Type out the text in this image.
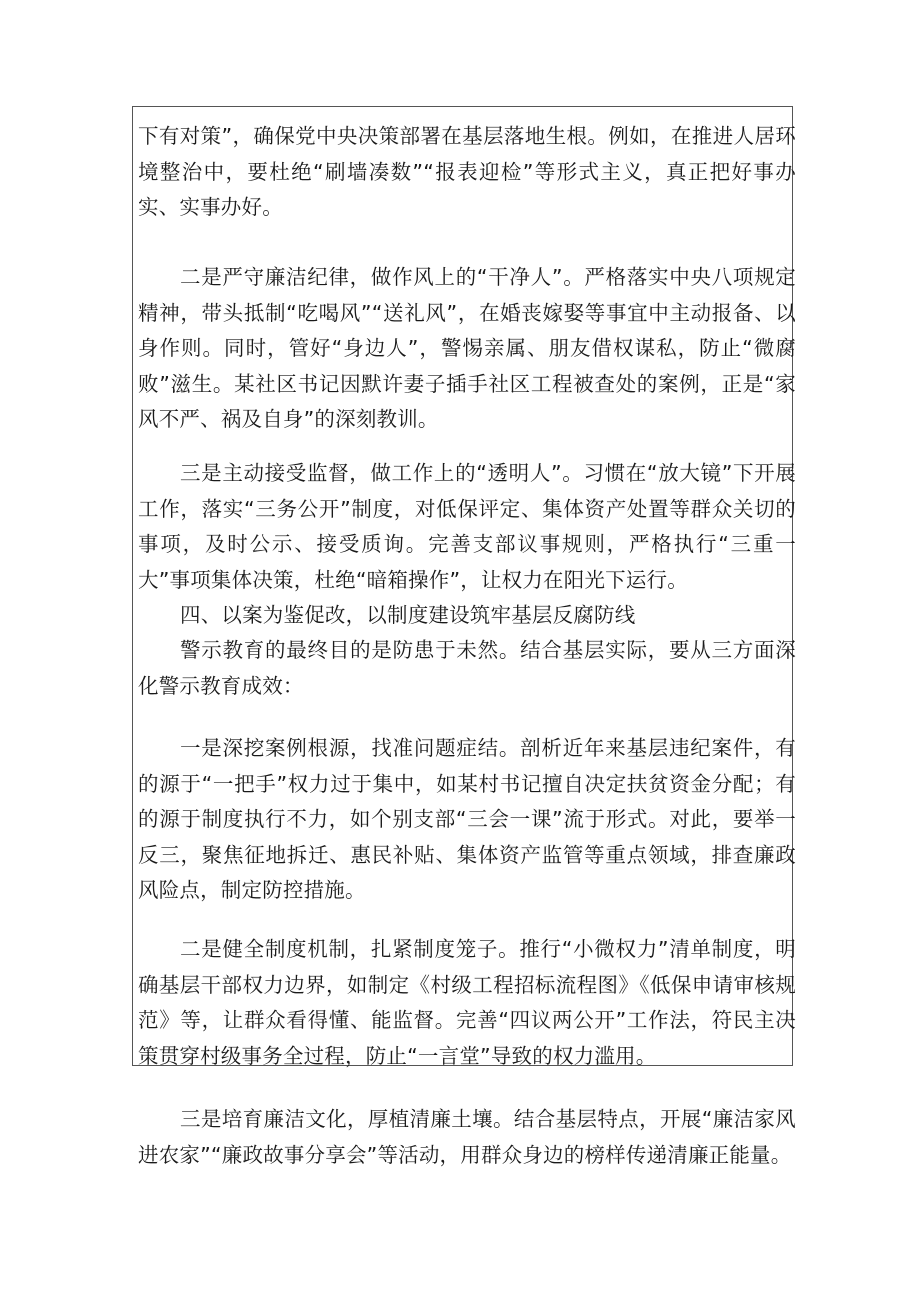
下有对策”，确保党中央决策部署在基层落地生根。例如，在推进人居环境整治中，要杜绝“刷墙凑数”“报表迎检”等形式主义，真正把好事办实、实事办好。

二是严守廉洁纪律，做作风上的“干净人”。严格落实中央八项规定精神，带头抵制“吃喝风”“送礼风”，在婚丧嫁娶等事宜中主动报备、以身作则。同时，管好“身边人”，警惕亲属、朋友借权谋私，防止“微腐败”滋生。某社区书记因默许妻子插手社区工程被查处的案例，正是“家风不严、祸及自身”的深刻教训。

三是主动接受监督，做工作上的“透明人”。习惯在“放大镜”下开展工作，落实“三务公开”制度，对低保评定、集体资产处置等群众关切的事项，及时公示、接受质询。完善支部议事规则，严格执行“三重一大”事项集体决策，杜绝“暗箱操作”，让权力在阳光下运行。

四、以案为鉴促改，以制度建设筑牢基层反腐防线

警示教育的最终目的是防患于未然。结合基层实际，要从三方面深化警示教育成效：

一是深挖案例根源，找准问题症结。剖析近年来基层违纪案件，有的源于“一把手”权力过于集中，如某村书记擅自决定扶贫资金分配；有的源于制度执行不力，如个别支部“三会一课”流于形式。对此，要举一反三，聚焦征地拆迁、惠民补贴、集体资产监管等重点领域，排查廉政风险点，制定防控措施。

二是健全制度机制，扎紧制度笼子。推行“小微权力”清单制度，明确基层干部权力边界，如制定《村级工程招标流程图》《低保申请审核规范》等，让群众看得懂、能监督。完善“四议两公开”工作法，符民主决策贯穿村级事务全过程，防止“一言堂”导致的权力滥用。

三是培育廉洁文化，厚植清廉土壤。结合基层特点，开展“廉洁家风进农家”“廉政故事分享会”等活动，用群众身边的榜样传递清廉正能量。
